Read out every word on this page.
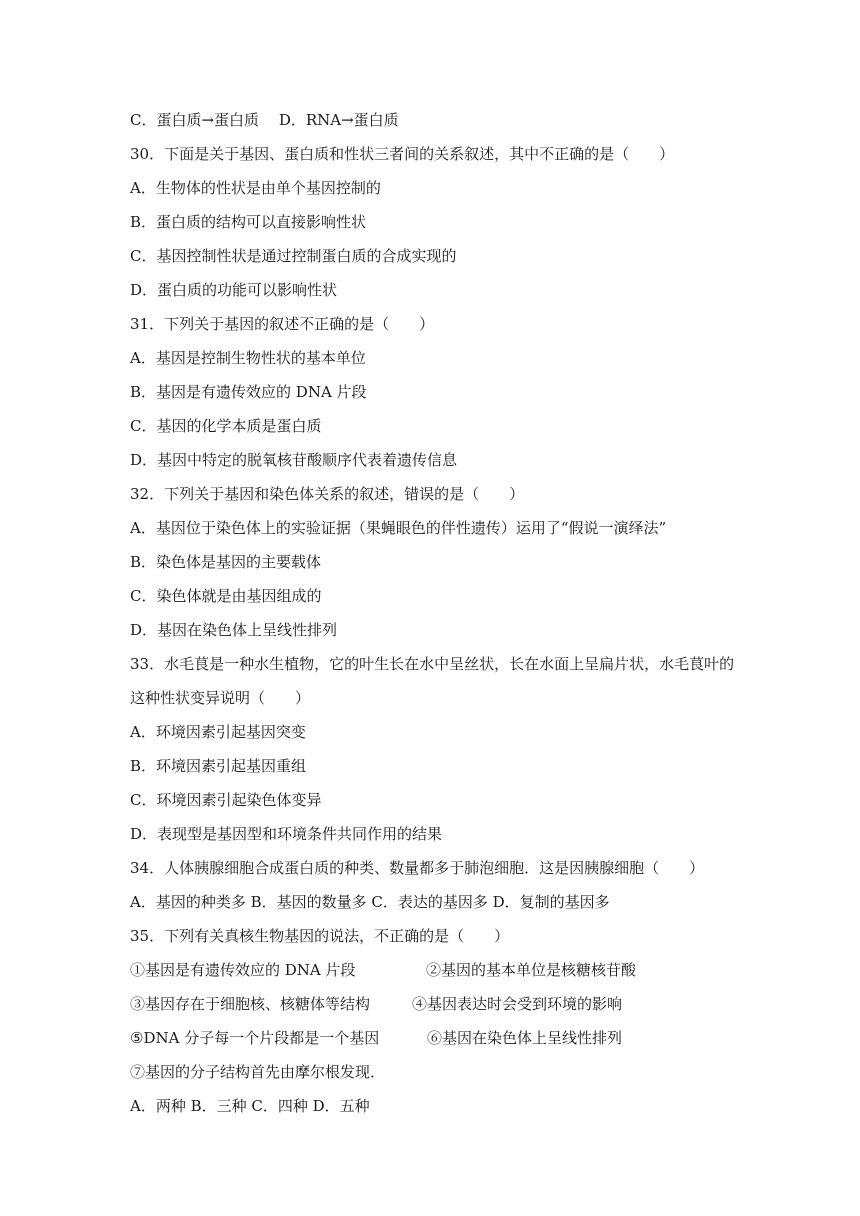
C．蛋白质→蛋白质　 D．RNA→蛋白质
30．下面是关于基因、蛋白质和性状三者间的关系叙述，其中不正确的是（　　）
A．生物体的性状是由单个基因控制的
B．蛋白质的结构可以直接影响性状
C．基因控制性状是通过控制蛋白质的合成实现的
D．蛋白质的功能可以影响性状
31．下列关于基因的叙述不正确的是（　　）
A．基因是控制生物性状的基本单位
B．基因是有遗传效应的 DNA 片段
C．基因的化学本质是蛋白质
D．基因中特定的脱氧核苷酸顺序代表着遗传信息
32．下列关于基因和染色体关系的叙述，错误的是（　　）
A．基因位于染色体上的实验证据（果蝇眼色的伴性遗传）运用了“假说一演绎法”
B．染色体是基因的主要载体
C．染色体就是由基因组成的
D．基因在染色体上呈线性排列
33．水毛茛是一种水生植物，它的叶生长在水中呈丝状，长在水面上呈扁片状，水毛茛叶的
这种性状变异说明（　　）
A．环境因素引起基因突变
B．环境因素引起基因重组
C．环境因素引起染色体变异
D．表现型是基因型和环境条件共同作用的结果
34．人体胰腺细胞合成蛋白质的种类、数量都多于肺泡细胞．这是因胰腺细胞（　　）
A．基因的种类多 B．基因的数量多 C．表达的基因多 D．复制的基因多
35．下列有关真核生物基因的说法，不正确的是（　　）
①基因是有遗传效应的 DNA 片段	②基因的基本单位是核糖核苷酸
③基因存在于细胞核、核糖体等结构	④基因表达时会受到环境的影响
⑤DNA 分子每一个片段都是一个基因	⑥基因在染色体上呈线性排列
⑦基因的分子结构首先由摩尔根发现．
A．两种 B．三种 C．四种 D．五种
